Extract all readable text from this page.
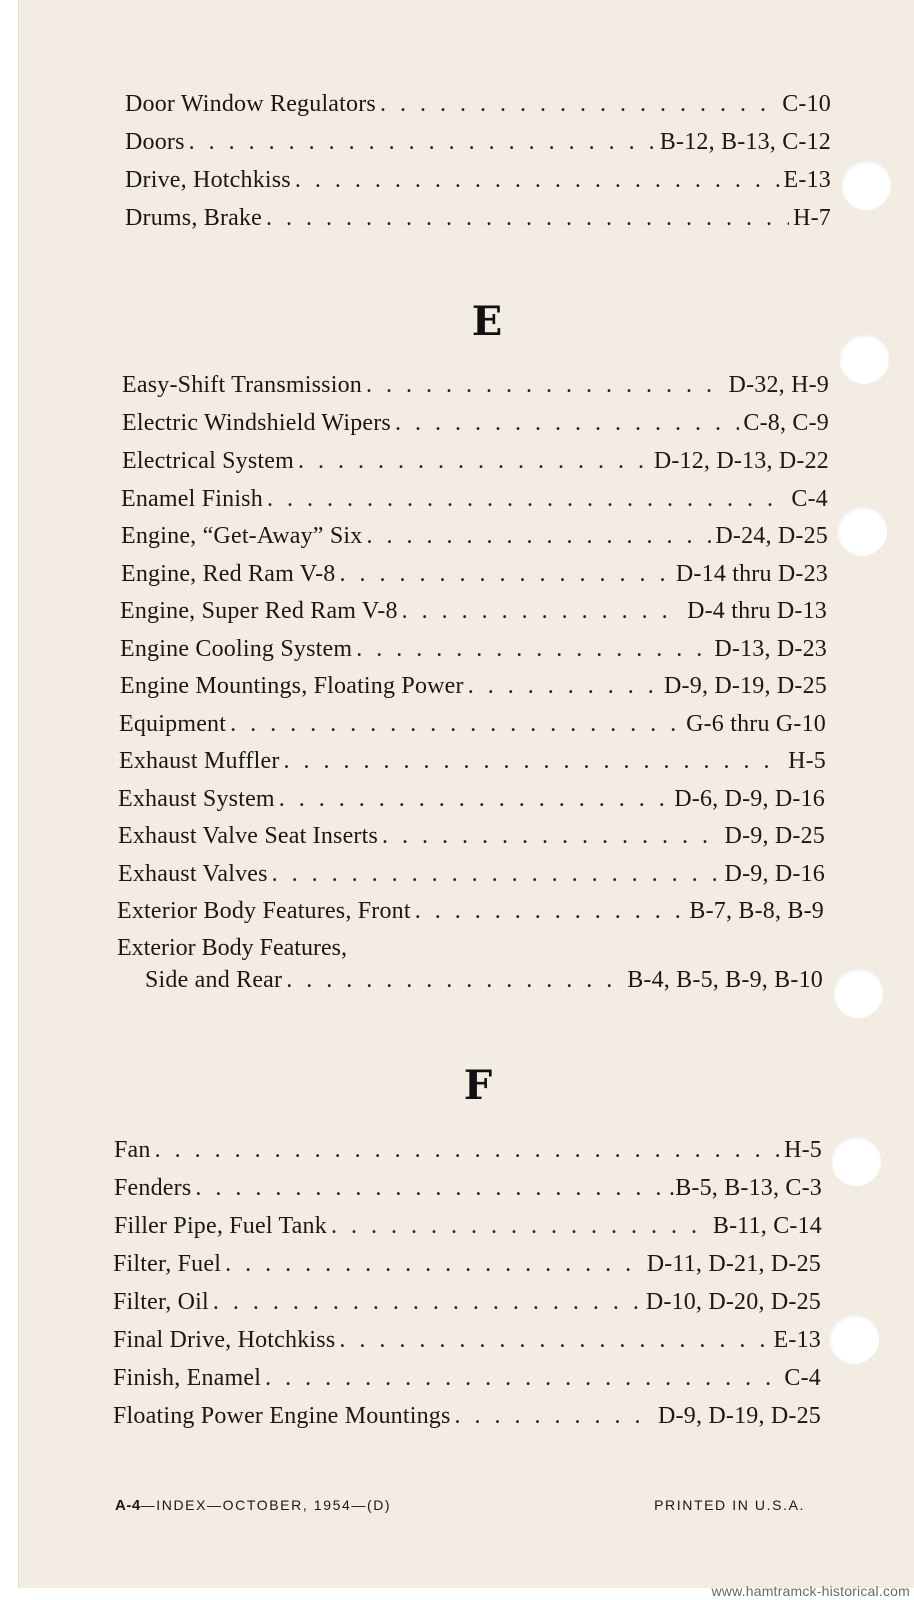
Door Window Regulators . . .	C-10
Doors . . .	B-12, B-13, C-12
Drive, Hotchkiss . . .	E-13
Drums, Brake . . .	H-7
E
Easy-Shift Transmission . . .	D-32, H-9
Electric Windshield Wipers . . .	C-8, C-9
Electrical System . . .	D-12, D-13, D-22
Enamel Finish . . .	C-4
Engine, “Get-Away” Six . . .	D-24, D-25
Engine, Red Ram V-8 . . .	D-14 thru D-23
Engine, Super Red Ram V-8 . . .	D-4 thru D-13
Engine Cooling System . . .	D-13, D-23
Engine Mountings, Floating Power . . .	D-9, D-19, D-25
Equipment . . .	G-6 thru G-10
Exhaust Muffler . . .	H-5
Exhaust System . . .	D-6, D-9, D-16
Exhaust Valve Seat Inserts . . .	D-9, D-25
Exhaust Valves . . .	D-9, D-16
Exterior Body Features, Front . . .	B-7, B-8, B-9
Exterior Body Features,
Side and Rear . . .	B-4, B-5, B-9, B-10
F
Fan . . .	H-5
Fenders . . .	.B-5, B-13, C-3
Filler Pipe, Fuel Tank . . .	B-11, C-14
Filter, Fuel . . .	D-11, D-21, D-25
Filter, Oil . . .	D-10, D-20, D-25
Final Drive, Hotchkiss . . .	E-13
Finish, Enamel . . .	C-4
Floating Power Engine Mountings . . .	D-9, D-19, D-25
A-4—INDEX—OCTOBER, 1954—(D)	PRINTED IN U.S.A.
www.hamtramck-historical.com
